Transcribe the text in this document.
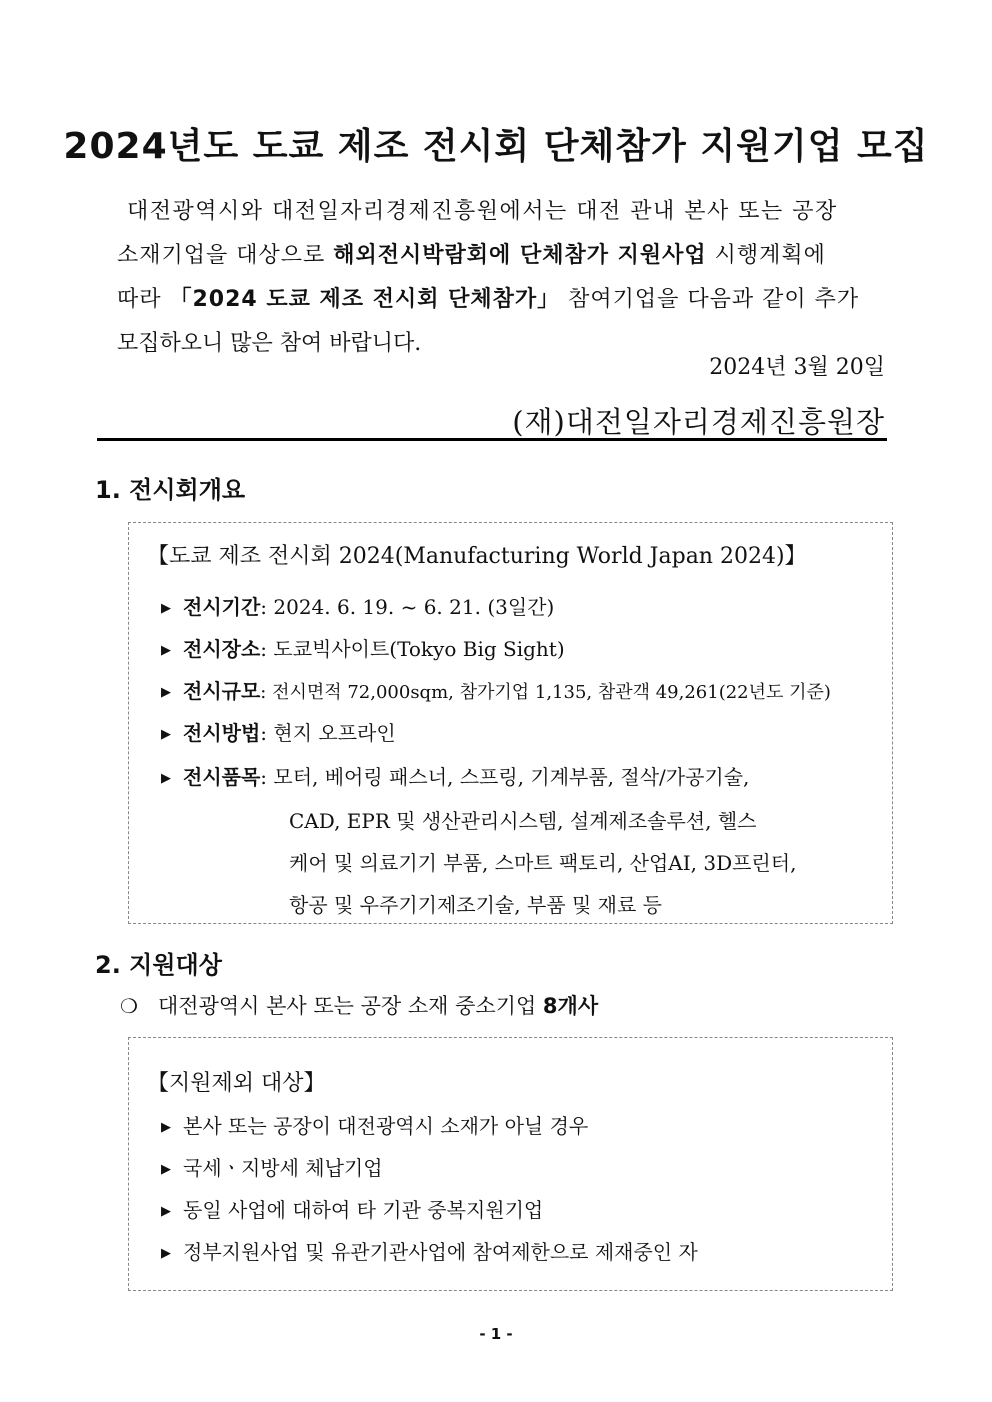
2024년도 도쿄 제조 전시회 단체참가 지원기업 모집

대전광역시와 대전일자리경제진흥원에서는 대전 관내 본사 또는 공장

소재기업을 대상으로 해외전시박람회에 단체참가 지원사업 시행계획에
따라 「2024 도쿄 제조 전시회 단체참가」 참여기업을 다음과 같이 추가
모집하오니 많은 참여 바랍니다.
2024년 3월 20일
(재)대전일자리경제진흥원장
1. 전시회개요
【도쿄 제조 전시회 2024(Manufacturing World Japan 2024)】
▶ 전시기간: 2024. 6. 19. ~ 6. 21. (3일간)
▶ 전시장소: 도쿄빅사이트(Tokyo Big Sight)
▶ 전시규모: 전시면적 72,000sqm, 참가기업 1,135, 참관객 49,261(22년도 기준)
▶ 전시방법: 현지 오프라인
▶ 전시품목: 모터, 베어링 패스너, 스프링, 기계부품, 절삭/가공기술,
CAD, EPR 및 생산관리시스템, 설계제조솔루션, 헬스
케어 및 의료기기 부품, 스마트 팩토리, 산업AI, 3D프린터,
항공 및 우주기기제조기술, 부품 및 재료 등
2. 지원대상
❍ 대전광역시 본사 또는 공장 소재 중소기업 8개사
【지원제외 대상】
▶ 본사 또는 공장이 대전광역시 소재가 아닐 경우
▶ 국세ㆍ지방세 체납기업
▶ 동일 사업에 대하여 타 기관 중복지원기업
▶ 정부지원사업 및 유관기관사업에 참여제한으로 제재중인 자
- 1 -
